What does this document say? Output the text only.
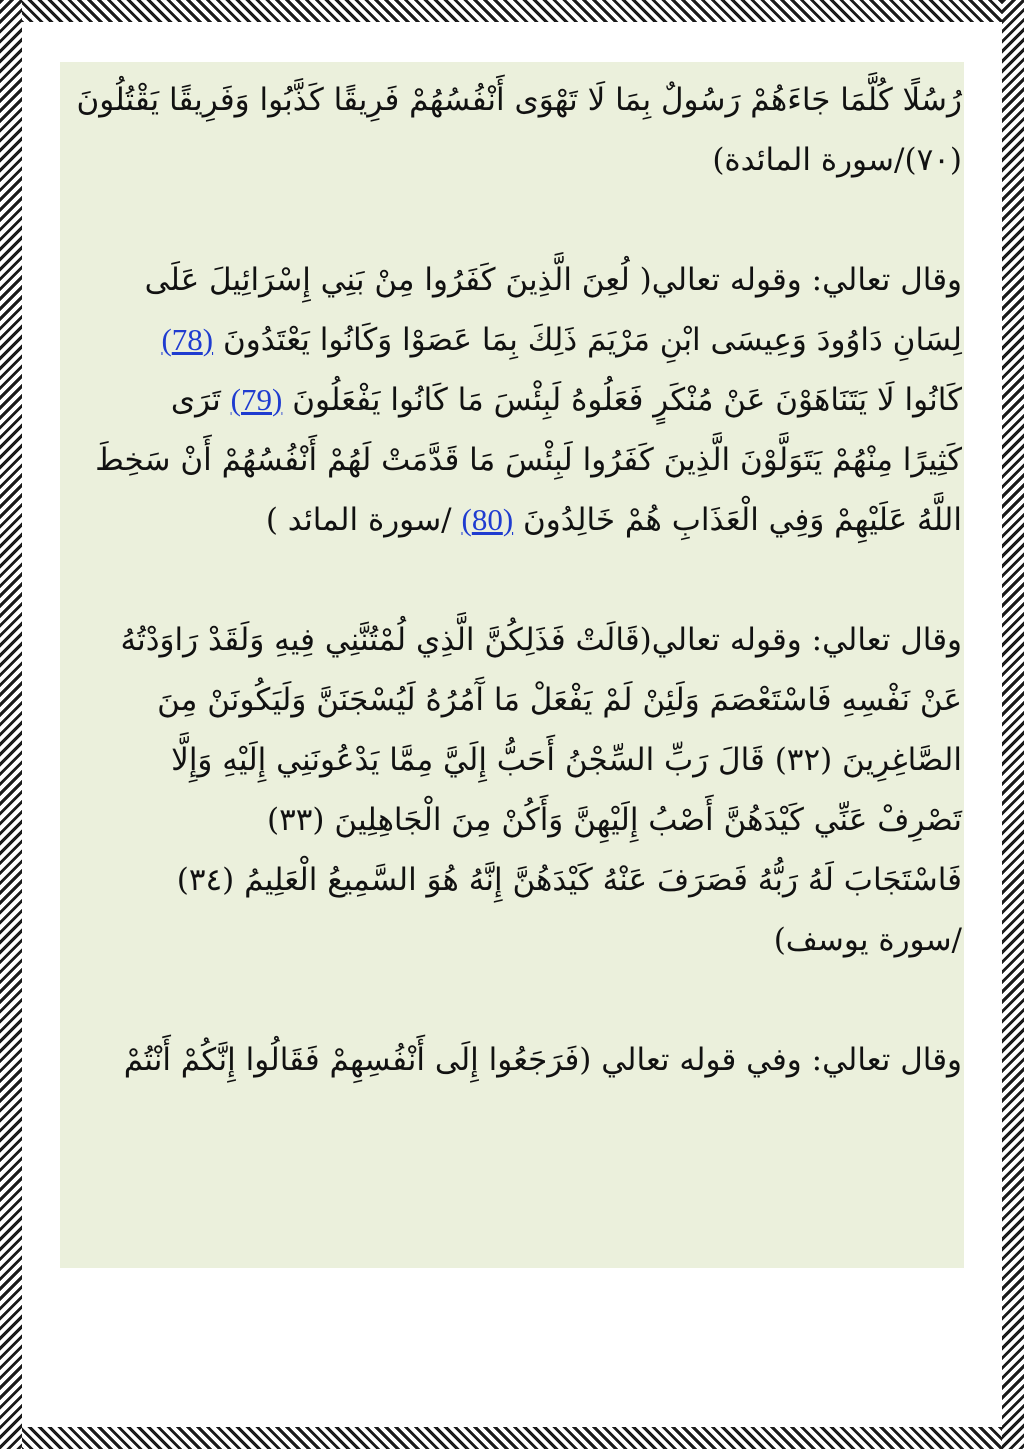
رُسُلًا كُلَّمَا جَاءَهُمْ رَسُولٌ بِمَا لَا تَهْوَى أَنْفُسُهُمْ فَرِيقًا كَذَّبُوا وَفَرِيقًا يَقْتُلُونَ
(٧٠)/سورة المائدة)
وقال تعالي: وقوله تعالي( لُعِنَ الَّذِينَ كَفَرُوا مِنْ بَنِي إِسْرَائِيلَ عَلَى
لِسَانِ دَاوُودَ وَعِيسَى ابْنِ مَرْيَمَ ذَلِكَ بِمَا عَصَوْا وَكَانُوا يَعْتَدُونَ (78)
كَانُوا لَا يَتَنَاهَوْنَ عَنْ مُنْكَرٍ فَعَلُوهُ لَبِئْسَ مَا كَانُوا يَفْعَلُونَ (79) تَرَى
كَثِيرًا مِنْهُمْ يَتَوَلَّوْنَ الَّذِينَ كَفَرُوا لَبِئْسَ مَا قَدَّمَتْ لَهُمْ أَنْفُسُهُمْ أَنْ سَخِطَ
اللَّهُ عَلَيْهِمْ وَفِي الْعَذَابِ هُمْ خَالِدُونَ (80) /سورة المائد )
وقال تعالي: وقوله تعالي(قَالَتْ فَذَلِكُنَّ الَّذِي لُمْتُنَّنِي فِيهِ وَلَقَدْ رَاوَدْتُهُ
عَنْ نَفْسِهِ فَاسْتَعْصَمَ وَلَئِنْ لَمْ يَفْعَلْ مَا آَمُرُهُ لَيُسْجَنَنَّ وَلَيَكُونَنْ مِنَ
الصَّاغِرِينَ (٣٢) قَالَ رَبِّ السِّجْنُ أَحَبُّ إِلَيَّ مِمَّا يَدْعُونَنِي إِلَيْهِ وَإِلَّا
تَصْرِفْ عَنِّي كَيْدَهُنَّ أَصْبُ إِلَيْهِنَّ وَأَكُنْ مِنَ الْجَاهِلِينَ (٣٣)
فَاسْتَجَابَ لَهُ رَبُّهُ فَصَرَفَ عَنْهُ كَيْدَهُنَّ إِنَّهُ هُوَ السَّمِيعُ الْعَلِيمُ (٣٤)
/سورة يوسف)
وقال تعالي: وفي قوله تعالي (فَرَجَعُوا إِلَى أَنْفُسِهِمْ فَقَالُوا إِنَّكُمْ أَنْتُمْ
